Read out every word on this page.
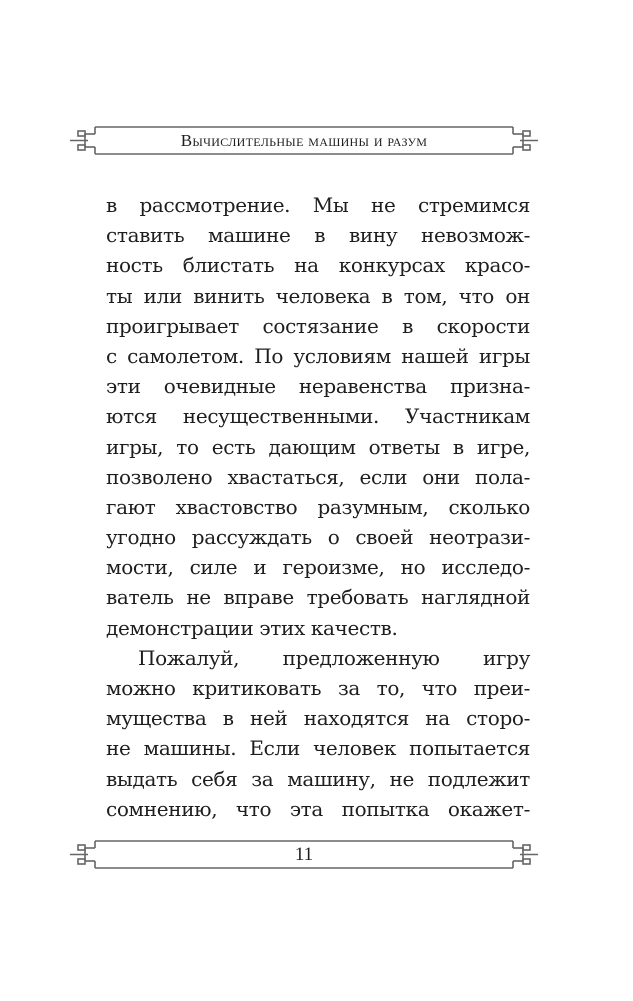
Вычислительные машины и разум
в рассмотрение. Мы не стремимся
ставить машине в вину невозмож-
ность блистать на конкурсах красо-
ты или винить человека в том, что он
проигрывает состязание в скорости
с самолетом. По условиям нашей игры
эти очевидные неравенства призна-
ются несущественными. Участникам
игры, то есть дающим ответы в игре,
позволено хвастаться, если они пола-
гают хвастовство разумным, сколько
угодно рассуждать о своей неотрази-
мости, силе и героизме, но исследо-
ватель не вправе требовать наглядной
демонстрации этих качеств.
Пожалуй, предложенную игру
можно критиковать за то, что преи-
мущества в ней находятся на сторо-
не машины. Если человек попытается
выдать себя за машину, не подлежит
сомнению, что эта попытка окажет-
11
